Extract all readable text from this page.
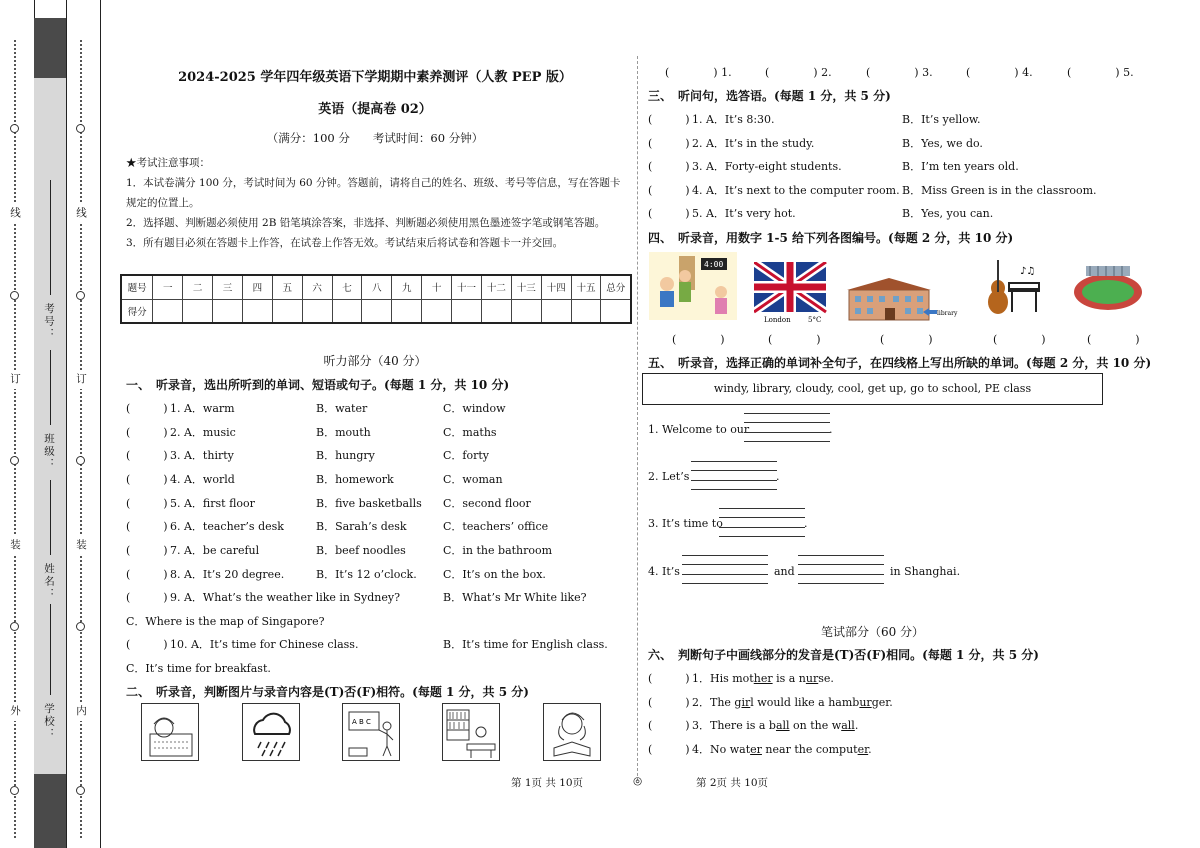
外
装
订
线
内
装
订
线
学校：
姓名：
班级：
考号：
2024-2025 学年四年级英语下学期期中素养测评（人教 PEP 版）
英语（提高卷 02）
（满分：100 分　　考试时间：60 分钟）
★考试注意事项：
1．本试卷满分 100 分，考试时间为 60 分钟。答题前，请将自己的姓名、班级、考号等信息，写在答题卡规定的位置上。
2．选择题、判断题必须使用 2B 铅笔填涂答案，非选择、判断题必须使用黑色墨迹签字笔或钢笔答题。
3．所有题目必须在答题卡上作答，在试卷上作答无效。考试结束后将试卷和答题卡一并交回。
题号	一	二	三	四	五	六	七	八	九	十	十一	十二	十三	十四	十五	总分
得分																
听力部分（40 分）
一、　听录音，选出所听到的单词、短语或句子。(每题 1 分，共 10 分)
(　　　) 1. A．warm	B．water	C．window
(　　　) 2. A．music	B．mouth	C．maths
(　　　) 3. A．thirty	B．hungry	C．forty
(　　　) 4. A．world	B．homework	C．woman
(　　　) 5. A．first floor	B．five basketballs C．second floor
(　　　) 6. A．teacher’s desk	B．Sarah’s desk	C．teachers’ office
(　　　) 7. A．be careful	B．beef noodles	C．in the bathroom
(　　　) 8. A．It’s 20 degree.	B．It’s 12 o’clock. C．It’s on the box.
(　　　) 9. A．What’s the weather like in Sydney?	B．What’s Mr White like?
C．Where is the map of Singapore?
(　　　) 10. A．It’s time for Chinese class.	B．It’s time for English class.
C．It’s time for breakfast.
二、　听录音，判断图片与录音内容是(T)否(F)相符。(每题 1 分，共 5 分)
A B C
第 1页 共 10页	◎	第 2页 共 10页
(　　　　) 1.	(　　　　) 2.	(　　　　) 3.	(　　　　) 4.	(　　　　) 5.
三、　听问句，选答语。(每题 1 分，共 5 分)
(　　　) 1. A．It’s 8:30.	B．It’s yellow.
(　　　) 2. A．It’s in the study.	B．Yes, we do.
(　　　) 3. A．Forty-eight students.	B．I’m ten years old.
(　　　) 4. A．It’s next to the computer room. B．Miss Green is in the classroom.
(　　　) 5. A．It’s very hot.	B．Yes, you can.
四、　听录音，用数字 1-5 给下列各图编号。(每题 2 分，共 10 分)
4:00
London 5°C
library
♪♫
(　　　　)	(　　　　)	(　　　　)	(　　　　)	(　　　　)
五、　听录音，选择正确的单词补全句子，在四线格上写出所缺的单词。(每题 2 分，共 10 分)
windy, library, cloudy, cool, get up, go to school, PE class
1. Welcome to our	.
2. Let’s	.
3. It’s time to	.
4. It’s	and	in Shanghai.
笔试部分（60 分）
六、　判断句子中画线部分的发音是(T)否(F)相同。(每题 1 分，共 5 分)
(　　　) 1．His mother is a nurse.
(　　　) 2．The girl would like a hamburger.
(　　　) 3．There is a ball on the wall.
(　　　) 4．No water near the computer.
